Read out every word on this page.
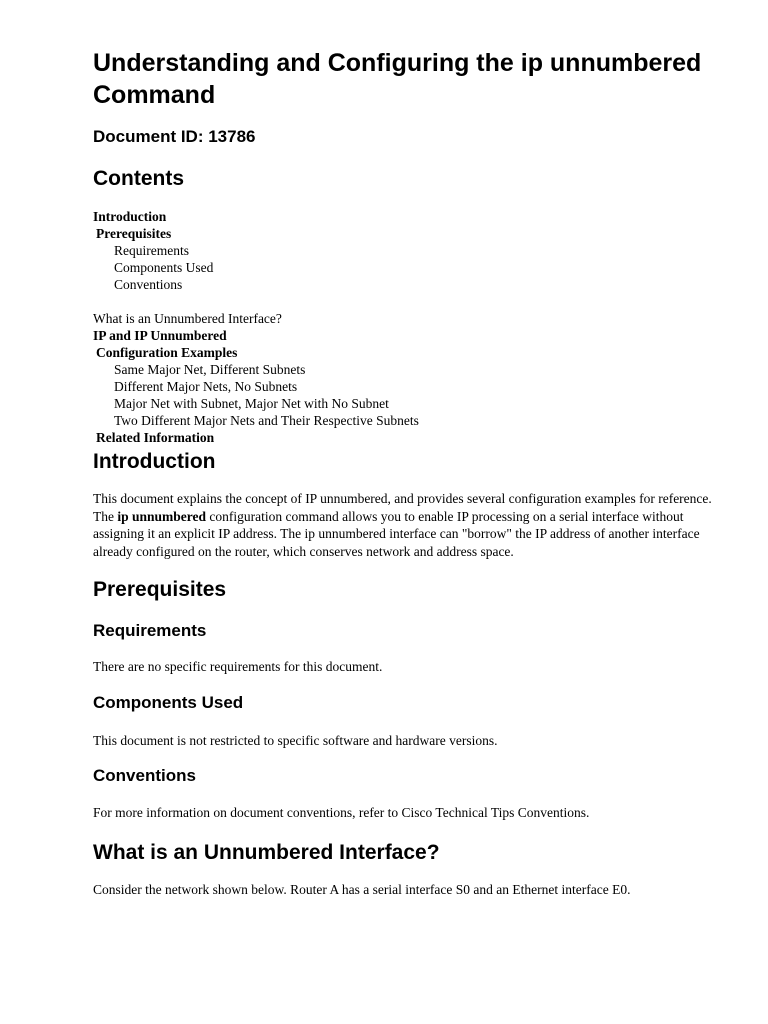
Understanding and Configuring the ip unnumbered Command
Document ID: 13786
Contents

Introduction

Prerequisites

Requirements

Components Used

Conventions

What is an Unnumbered Interface?

IP and IP Unnumbered

Configuration Examples

Same Major Net, Different Subnets

Different Major Nets, No Subnets

Major Net with Subnet, Major Net with No Subnet

Two Different Major Nets and Their Respective Subnets

Related Information

Introduction

This document explains the concept of IP unnumbered, and provides several configuration examples for reference. The ip unnumbered configuration command allows you to enable IP processing on a serial interface without assigning it an explicit IP address. The ip unnumbered interface can "borrow" the IP address of another interface already configured on the router, which conserves network and address space.

Prerequisites
Requirements

There are no specific requirements for this document.

Components Used

This document is not restricted to specific software and hardware versions.

Conventions

For more information on document conventions, refer to Cisco Technical Tips Conventions.

What is an Unnumbered Interface?

Consider the network shown below. Router A has a serial interface S0 and an Ethernet interface E0.
